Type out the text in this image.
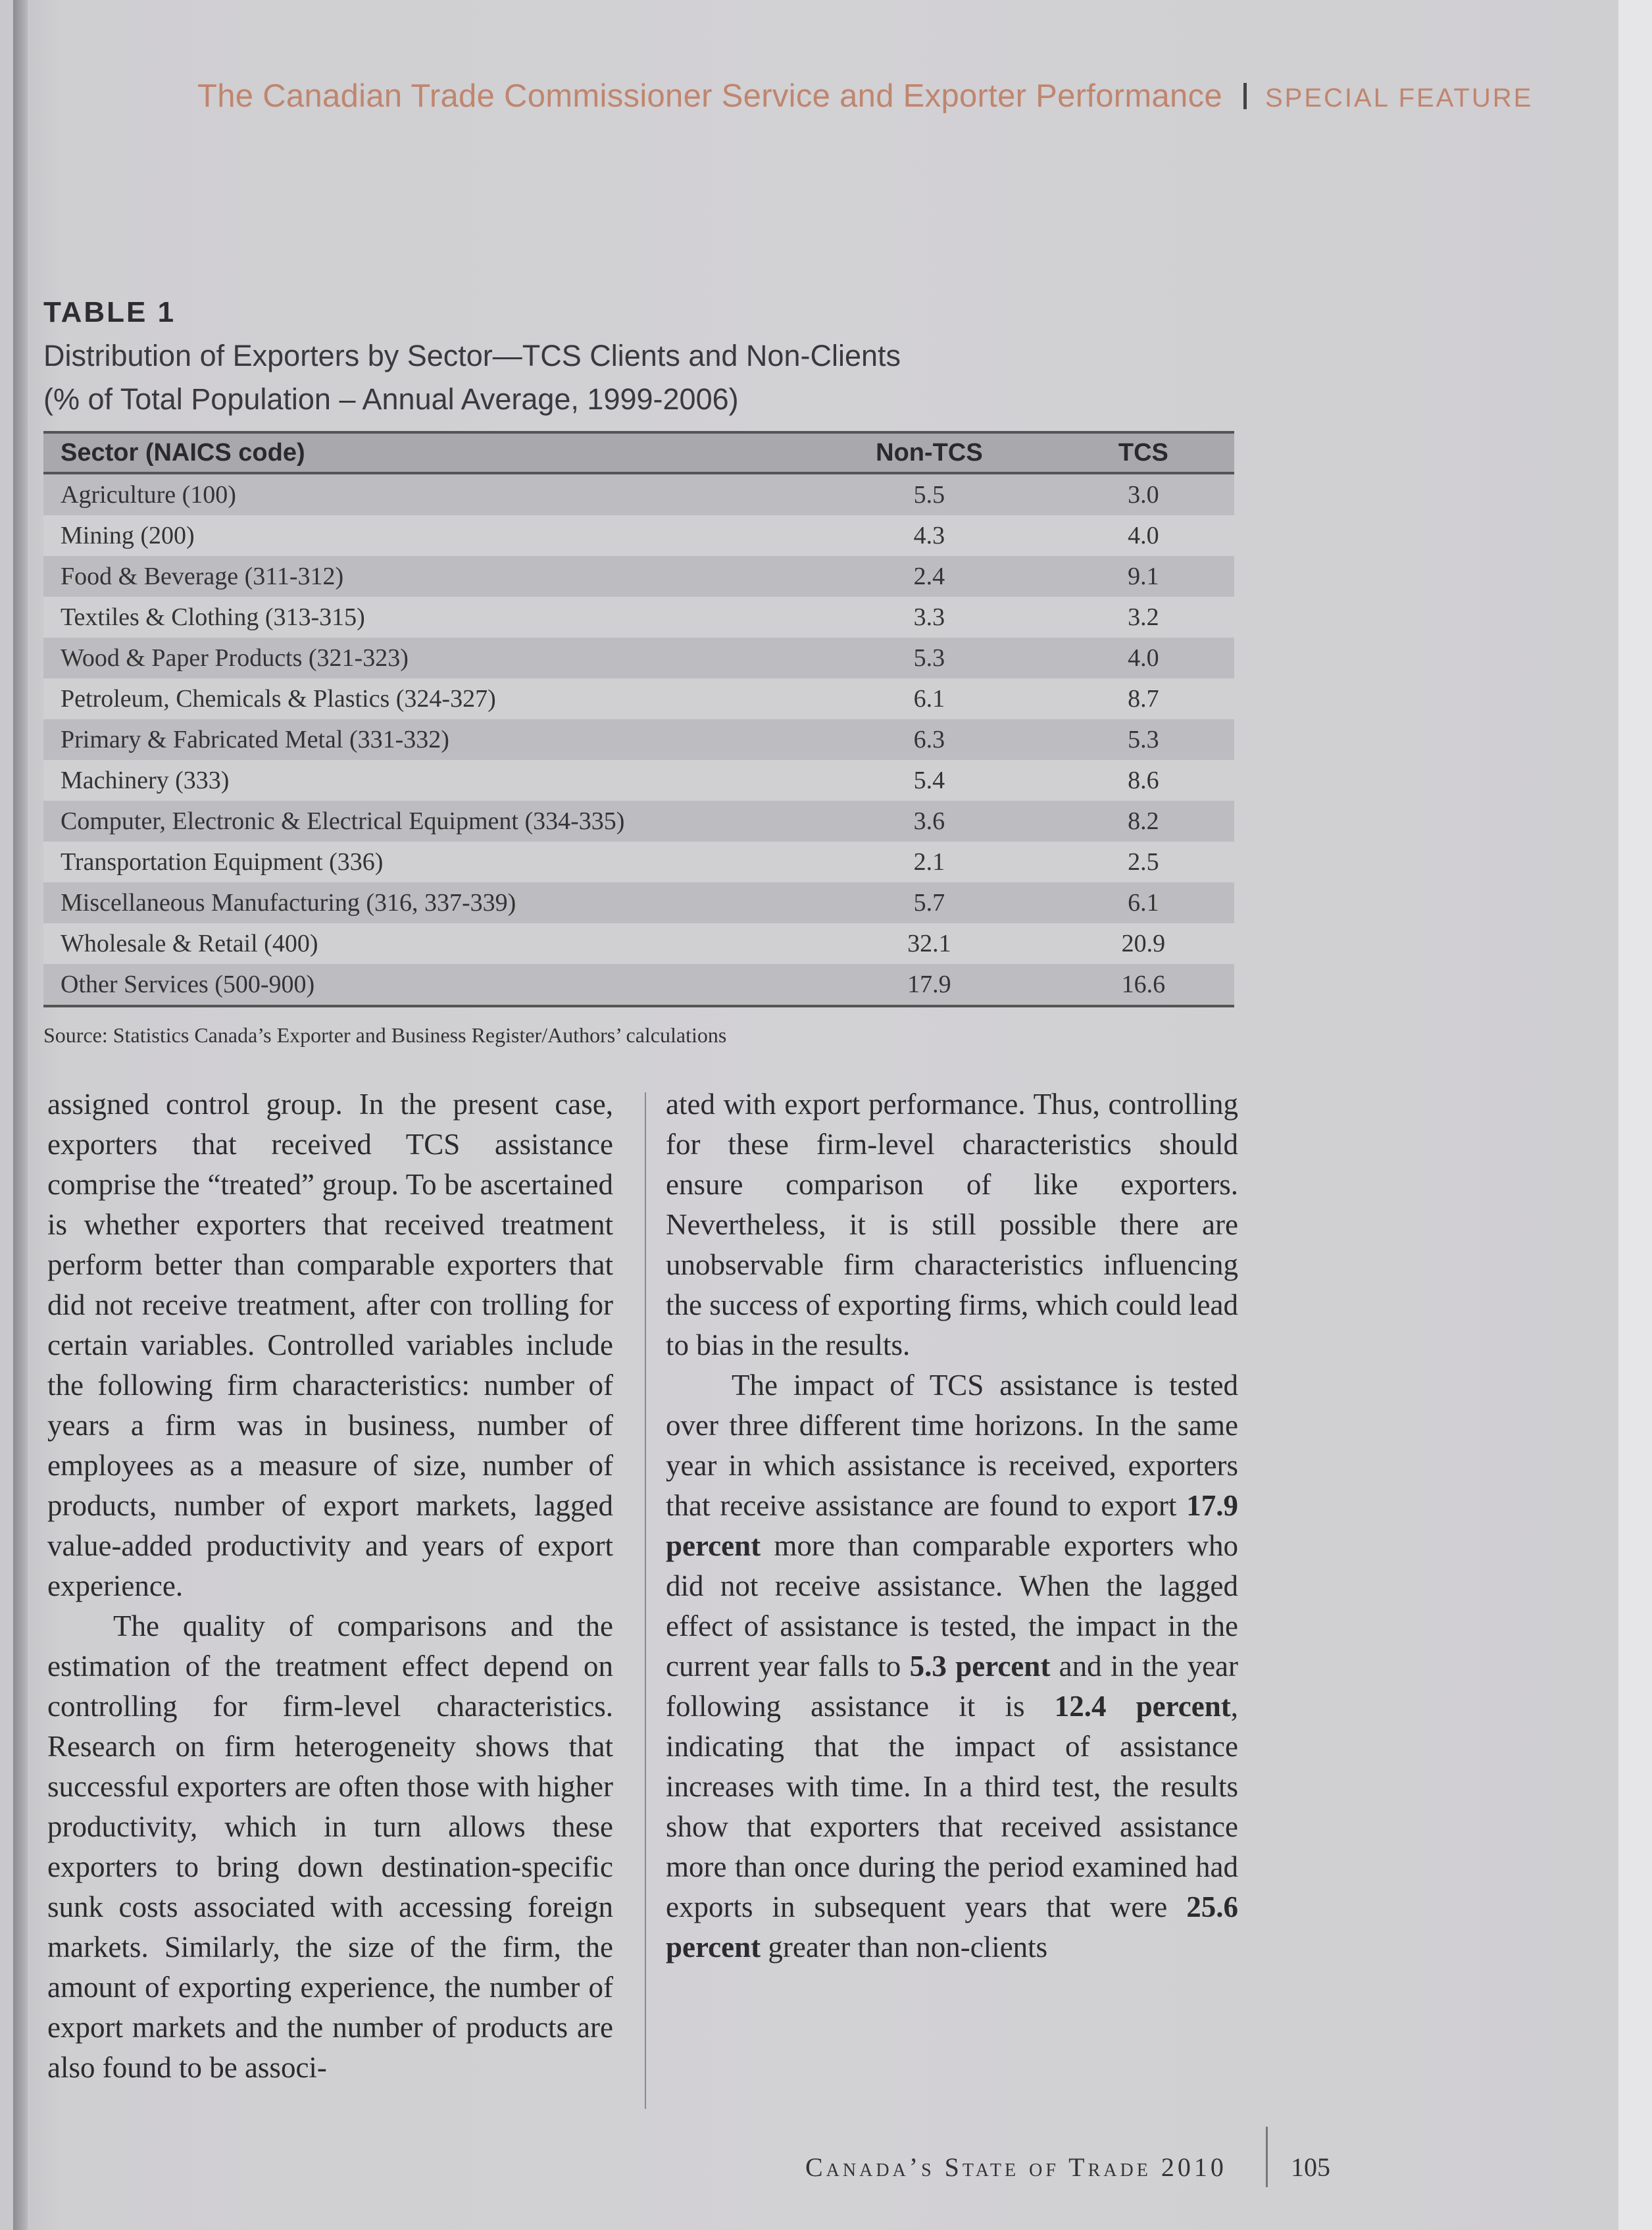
The Canadian Trade Commissioner Service and Exporter Performance SPECIAL FEATURE
TABLE 1
Distribution of Exporters by Sector—TCS Clients and Non-Clients
(% of Total Population – Annual Average, 1999-2006)
Sector (NAICS code)	Non-TCS	TCS
Agriculture (100)	5.5	3.0
Mining (200)	4.3	4.0
Food & Beverage (311-312)	2.4	9.1
Textiles & Clothing (313-315)	3.3	3.2
Wood & Paper Products (321-323)	5.3	4.0
Petroleum, Chemicals & Plastics (324-327)	6.1	8.7
Primary & Fabricated Metal (331-332)	6.3	5.3
Machinery (333)	5.4	8.6
Computer, Electronic & Electrical Equipment (334-335)	3.6	8.2
Transportation Equipment (336)	2.1	2.5
Miscellaneous Manufacturing (316, 337-339)	5.7	6.1
Wholesale & Retail (400)	32.1	20.9
Other Services (500-900)	17.9	16.6
Source: Statistics Canada’s Exporter and Business Register/Authors’ calculations

assigned control group. In the present case, exporters that received TCS assistance comprise the “treated” group. To be ascertained is whether exporters that received treatment perform better than comparable exporters that did not receive treatment, after con trolling for certain variables. Controlled variables include the following firm characteristics: number of years a firm was in business, number of employees as a measure of size, number of products, number of export markets, lagged value-added productivity and years of export experience.

The quality of comparisons and the estimation of the treatment effect depend on controlling for firm-level characteristics. Research on firm heterogeneity shows that successful exporters are often those with higher productivity, which in turn allows these exporters to bring down destination-specific sunk costs associated with accessing foreign markets. Similarly, the size of the firm, the amount of exporting experience, the number of export markets and the number of products are also found to be associ-

ated with export performance. Thus, controlling for these firm-level characteristics should ensure comparison of like exporters. Nevertheless, it is still possible there are unobservable firm characteristics influencing the success of exporting firms, which could lead to bias in the results.

The impact of TCS assistance is tested over three different time horizons. In the same year in which assistance is received, exporters that receive assistance are found to export 17.9 percent more than comparable exporters who did not receive assistance. When the lagged effect of assistance is tested, the impact in the current year falls to 5.3 percent and in the year following assistance it is 12.4 percent, indicating that the impact of assistance increases with time. In a third test, the results show that exporters that received assistance more than once during the period examined had exports in subsequent years that were 25.6 percent greater than non-clients

Canada’s State of Trade 2010 105
